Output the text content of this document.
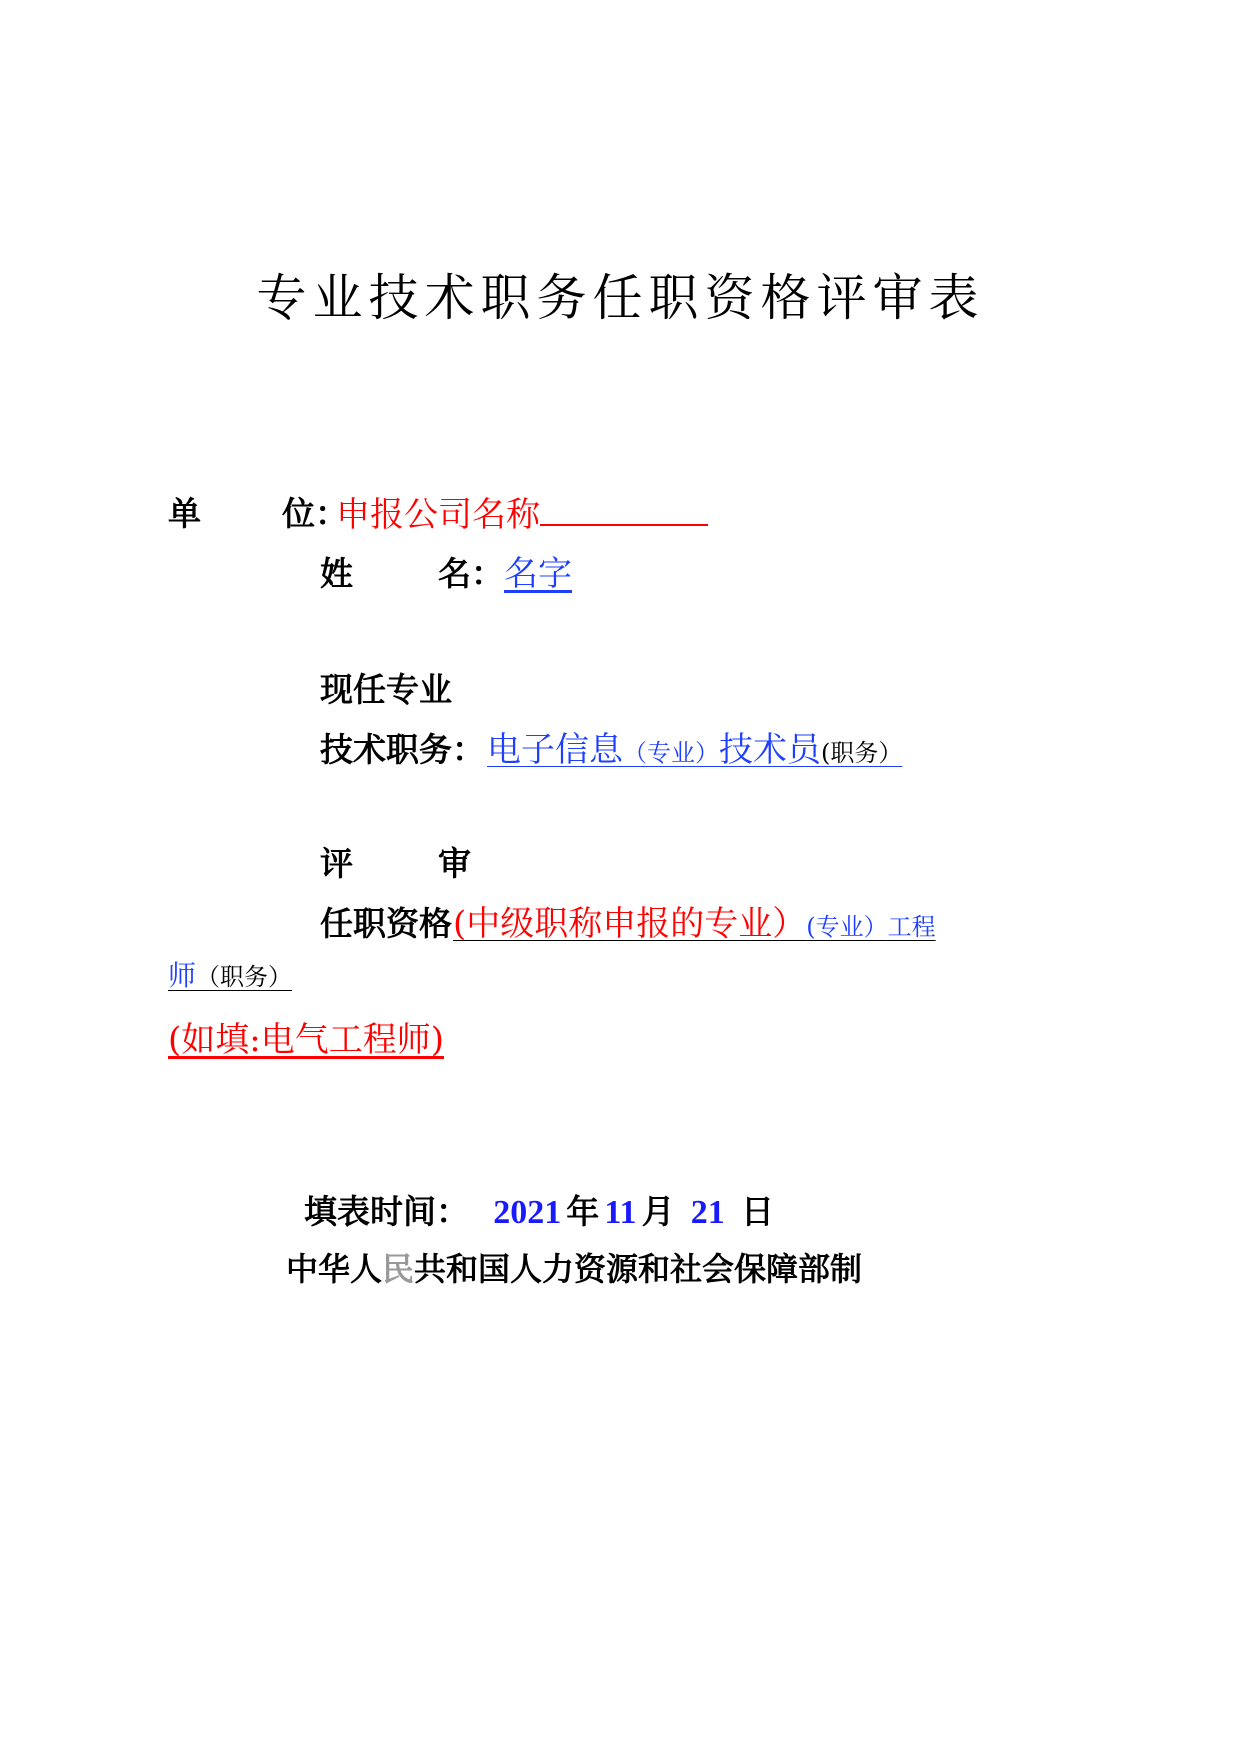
专业技术职务任职资格评审表
单 位：
申报公司名称
姓	名： 名字
现任专业
技术职务： 电子信息（专业）技术员(职务）
评	审
任职资格 (中级职称申报的专业）(专业）工程
师（职务）
(如填:电气工程师)
填表时间： 2021 年 11 月 21 日
中华人民共和国人力资源和社会保障部制
